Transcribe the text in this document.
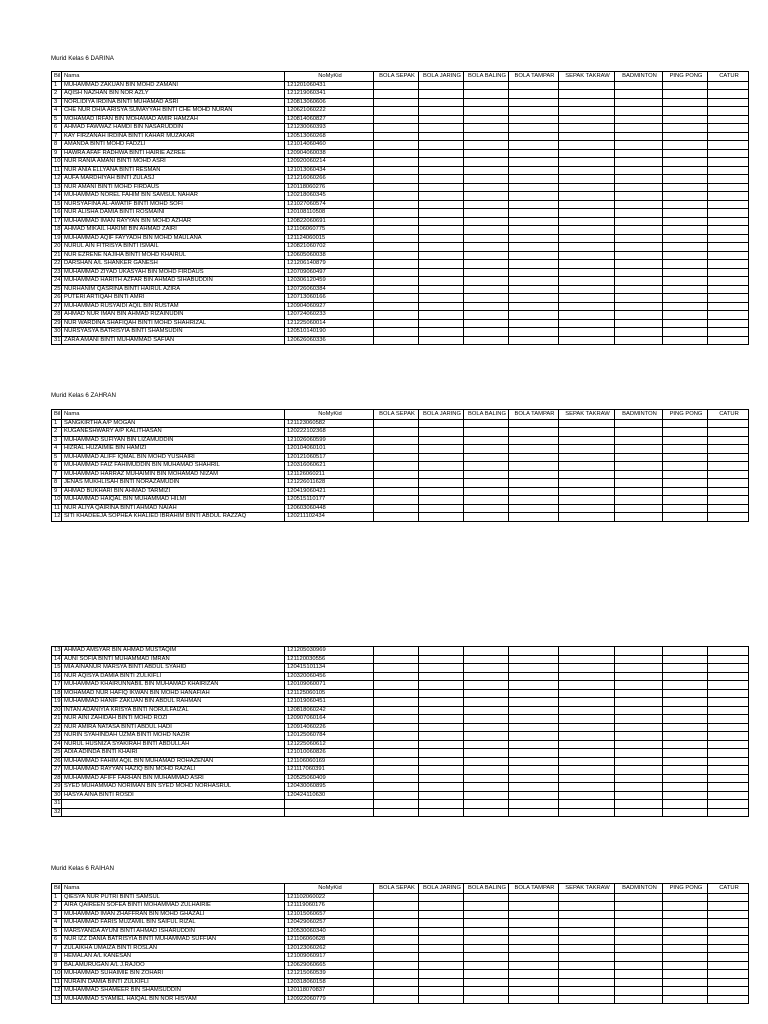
Murid Kelas 6 DARINA
Bil	Nama	NoMyKid	BOLA SEPAK	BOLA JARING	BOLA BALING	BOLA TAMPAR	SEPAK TAKRAW	BADMINTON	PING PONG	CATUR
1	MUHAMMAD ZAKUAN BIN MOHD ZAMANI	121201060431								
2	AQISH NAZHAN BIN NOR AZLY	121219060341								
3	NORLIDIYA IRDINA BINTI MUHAMAD ASRI	120813060606								
4	CHE NUR DHIA ARISYA SUMAYYAH BINTI CHE MOHD NURAN	120621060222								
5	MOHAMAD IRFAN BIN MOHAMAD AMIR HAMZAH	120814060827								
6	AHMAD FAWWAZ HAMDI BIN NASARUDDIN	121230060393								
7	KAY FIRZANAH IRDINA BINTI KAHAR MUZAKAR	120513060268								
8	AMANDA BINTI MOHD FADZLI	121014060460								
9	HAWRA AFAF RADHWA BINTI HAIRIE AZREE	120904060038								
10	NUR RANIA AMANI BINTI MOHD ASRI	120920060214								
11	NUR ANIA ELLYANA BINTI RESMAN	121013060434								
12	AUFA MARDHIYAH BINTI ZULASJ	121216060266								
13	NUR AMANI BINTI MOHD FIRDAUS	120118060276								
14	MUHAMMAD NOREL FAHIM BIN SAMSUL NAHAR	120218060345								
15	NURSYAFINA AL-AWATIF BINTI MOHD SOFI	121027060574								
16	NUR ALISHA DAMIA BINTI ROSMAINI	120108110508								
17	MUHAMMAD IMAN RAYYAN BIN MOHD AZHAR	120822060691								
18	AHMAD MIKAIL HAKIMI BIN AHMAD ZAIRI	121106060775								
19	MUHAMMAD AQIF FAYYADH BIN MOHD MAULANA	121124060015								
20	NURUL AIN FITRISYA BINTI ISMAIL	120821060702								
21	NUR EZRENE NAJIHA BINTI MOHD KHAIRUL	120605060038								
22	DARSHAN A/L SHANKER GANESH	121206140879								
23	MUHAMMAD ZIYAD UKASYAH BIN MOHD FIRDAUS	120709060497								
24	MUHAMMAD HARITH AZFAR BIN AHMAD SIHABUDDIN	120306120459								
25	NURHANIM QASRINA BINTI HAIRUL AZIRA	120726060384								
26	PUTERI ARTIQAH BINTI AMRI	120713060166								
27	MUHAMMAD RUSYAIDI AQIL BIN RUSTAM	120904060927								
28	AHMAD NUR IMAN BIN AHMAD RIZAINUDIN	120724060233								
29	NUR WARDINA SHAFIQAH BINTI MOHD SHAHRIZAL	121225060014								
30	NURSYASYA BATRISYIA BINTI SHAMSUDIN	120510140190								
31	ZARA AMANI BINTI MUHAMMAD SAFIAN	120626060336								
Murid Kelas 6 ZAHRAN
Bil	Nama	NoMyKid	BOLA SEPAK	BOLA JARING	BOLA BALING	BOLA TAMPAR	SEPAK TAKRAW	BADMINTON	PING PONG	CATUR
1	SANGKIRTHA A/P MOGAN	121123060582								
2	KUGANESHWARY A/P KALITHASAN	120222102368								
3	MUHAMMAD SUFIYAN BIN LIZAMUDDIN	121026060599								
4	HIZRAL HUZAIMIE BIN HAMIZI	120104060101								
5	MUHAMMAD ALIFF IQMAL BIN MOHD YUSHAIRI	120121060517								
6	MUHAMMAD FAIZ FAHIMUDDIN BIN MUHAMAD SHAHRIL	120316060621								
7	MUHAMMAD HARRAZ MUHAIMIN BIN MOHAMAD NIZAM	121126060211								
8	JENAS MUKHLISAH BINTI NORAZAMUDIN	121226011628								
9	AHMAD BUKHARI BIN AHMAD TARMIZI	120419060421								
10	MUHAMMAD HAIQAL BIN MUHAMMAD HILMI	120515110177								
11	NUR ALIYA QAIRINA BINTI AHMAD NAIAH	120603060448								
12	SITI KHADEEJA SOPHEA KHALIED IBRAHIM BINTI ABDUL RAZZAQ	120211102434								
13	AHMAD AMSYAR BIN AHMAD MUSTAQIM	121205030969								
14	AUNI SOFIA BINTI MUHAMMAD IMRAN	121120030556								
15	MIA AINANUR MARSYA BINTI ABDUL SYAHID	120415101134								
16	NUR AQISYA DAMIA BINTI ZULKIFLI	120320060456								
17	MUHAMMAD KHAIRUNNABIL BIN MUHAMAD KHAIRIZAN	120109060071								
18	MOHAMAD NUR HAFIQ IKWAN BIN MOHD HANAFIAH	121125060105								
19	MUHAMMAD HANIF ZAKUAN BIN ABDUL RAHMAN	121019060451								
20	INTAN ADANIYIA KRISYA BINTI NORULFAIZAL	120818060242								
21	NUR AINI ZAHIDAH BINTI MOHD ROZI	120907060164								
22	NUR AMIRA NATASA BINTI ABDUL HADI	120914060226								
23	NURIN SYAHINDAH UZMA BINTI MOHD NAZIR	120125060784								
24	NURUL HUSNIZA SYAKIRAH BINTI ABDULLAH	121225060612								
25	ADIA ADINDA BINTI KHAIRI	121010060826								
26	MUHAMMAD FAHIM AQIL BIN MUHAMAD ROHAZENAN	121106060169								
27	MUHAMMAD RAYYAN HAZIQ BIN MOHD RAZALI	121117060391								
28	MUHAMMAD AFIFF FARHAN BIN MUHAMMAD ASRI	120525060409								
29	SYED MUHAMMAD NORIMAN BIN SYED MOHD NORHASRUL	120430060895								
30	HASYA AINA BINTI ROSDI	120424110630								
31										
32										
Murid Kelas 6 RAIHAN
Bil	Nama	NoMyKid	BOLA SEPAK	BOLA JARING	BOLA BALING	BOLA TAMPAR	SEPAK TAKRAW	BADMINTON	PING PONG	CATUR
1	QIESYA NUR PUTRI BINTI SAMSUL	121102060022								
2	AIRA QAIREEN SOFEA BINTI MOHAMMAD ZULHAIRIE	121119060176								
3	MUHAMMAD IMAN ZHAFFRAN BIN MOHD GHAZALI	121015060657								
4	MUHAMMAD FARIS MUZAMIL BIN SAIFUL RIZAL	120429060257								
5	MARSYANDA AYUNI BINTI AHMAD ISHARUDDIN	120530060340								
6	NUR IZZ DANIA BATRISYIA BINTI MUHAMMAD SUFFIAN	121106060628								
7	ZULAIKHA UMAIZA BINTI ROSLAN	120123060262								
8	HEMALAN A/L KANESAN	121009060917								
9	BALAMURUGAN A/L J.RAJOO	120629060665								
10	MUHAMMAD SUHAIMIE BIN ZOHARI	121215060539								
11	NURAIN DAMIA BINTI ZULKIFLI	120318060158								
12	MUHAMMAD SHAMEER BIN SHAMSUDDIN	120118070837								
13	MUHAMMAD SYAMIEL HAIQAL BIN NOR HISYAM	120922060779								
